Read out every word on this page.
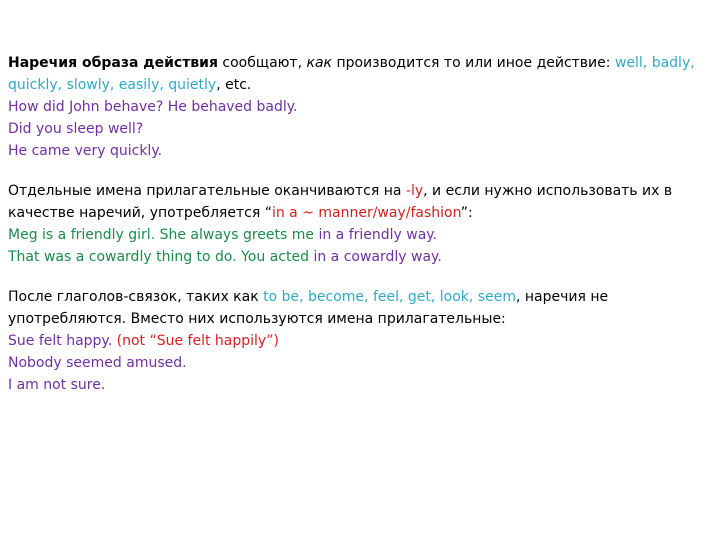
Наречия образа действия сообщают, как производится то или иное действие: well, badly, quickly, slowly, easily, quietly, etc.
How did John behave? He behaved badly.
Did you sleep well?
He came very quickly.
Отдельные имена прилагательные оканчиваются на -ly, и если нужно использовать их в качестве наречий, употребляется “in a ~ manner/way/fashion”:
Meg is a friendly girl. She always greets me in a friendly way.
That was a cowardly thing to do. You acted in a cowardly way.
После глаголов-связок, таких как to be, become, feel, get, look, seem, наречия не употребляются. Вместо них используются имена прилагательные:
Sue felt happy. (not “Sue felt happily”)
Nobody seemed amused.
I am not sure.
